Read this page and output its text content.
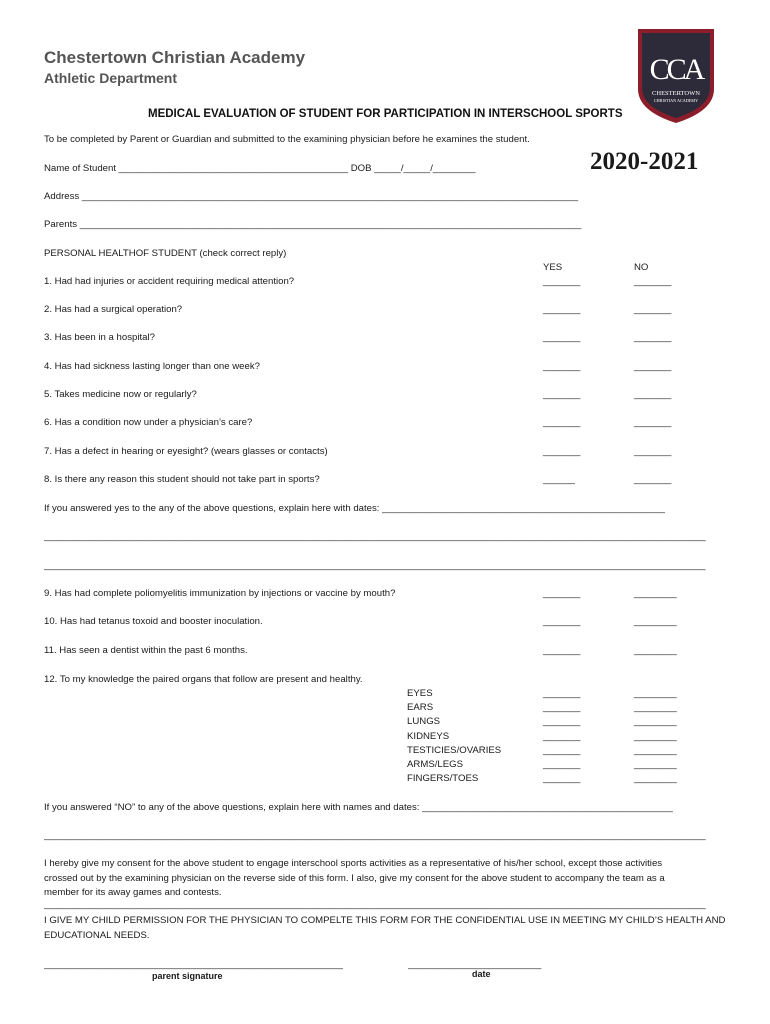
Chestertown Christian Academy
Athletic Department	CCA
CHESTERTOWN
CHRISTIAN ACADEMY
MEDICAL EVALUATION OF STUDENT FOR PARTICIPATION IN INTERSCHOOL SPORTS
To be completed by Parent or Guardian and submitted to the examining physician before he examines the student.
Name of Student ___________________________________________ DOB _____/_____/________	2020-2021
Address _____________________________________________________________________________________________
Parents ______________________________________________________________________________________________
PERSONAL HEALTHOF STUDENT (check correct reply)
YES	NO
1. Had had injuries or accident requiring medical attention?	_______	_______
2. Has had a surgical operation?	_______	_______
3. Has been in a hospital?	_______	_______
4. Has had sickness lasting longer than one week?	_______	_______
5. Takes medicine now or regularly?	_______	_______
6. Has a condition now under a physician’s care?	_______	_______
7. Has a defect in hearing or eyesight? (wears glasses or contacts)	_______	_______
8. Is there any reason this student should not take part in sports?	______	_______
If you answered yes to the any of the above questions, explain here with dates: _____________________________________________________
____________________________________________________________________________________________________________________________
____________________________________________________________________________________________________________________________
9. Has had complete poliomyelitis immunization by injections or vaccine by mouth?	_______	________
10. Has had tetanus toxoid and booster inoculation.	_______	________
11. Has seen a dentist within the past 6 months.	_______	________
12. To my knowledge the paired organs that follow are present and healthy.
EYES	_______	________
EARS	_______	________
LUNGS	_______	________
KIDNEYS	_______	________
TESTICIES/OVARIES	_______	________
ARMS/LEGS	_______	________
FINGERS/TOES	_______	________
If you answered “NO” to any of the above questions, explain here with names and dates: _______________________________________________
____________________________________________________________________________________________________________________________
I hereby give my consent for the above student to engage interschool sports activities as a representative of his/her school, except those activities
crossed out by the examining physician on the reverse side of this form. I also, give my consent for the above student to accompany the team as a
member for its away games and contests.
____________________________________________________________________________________________________________________________
I GIVE MY CHILD PERMISSION FOR THE PHYSICIAN TO COMPELTE THIS FORM FOR THE CONFIDENTIAL USE IN MEETING MY CHILD’S HEALTH AND
EDUCATIONAL NEEDS.
________________________________________________________
parent signature
_________________________
date
